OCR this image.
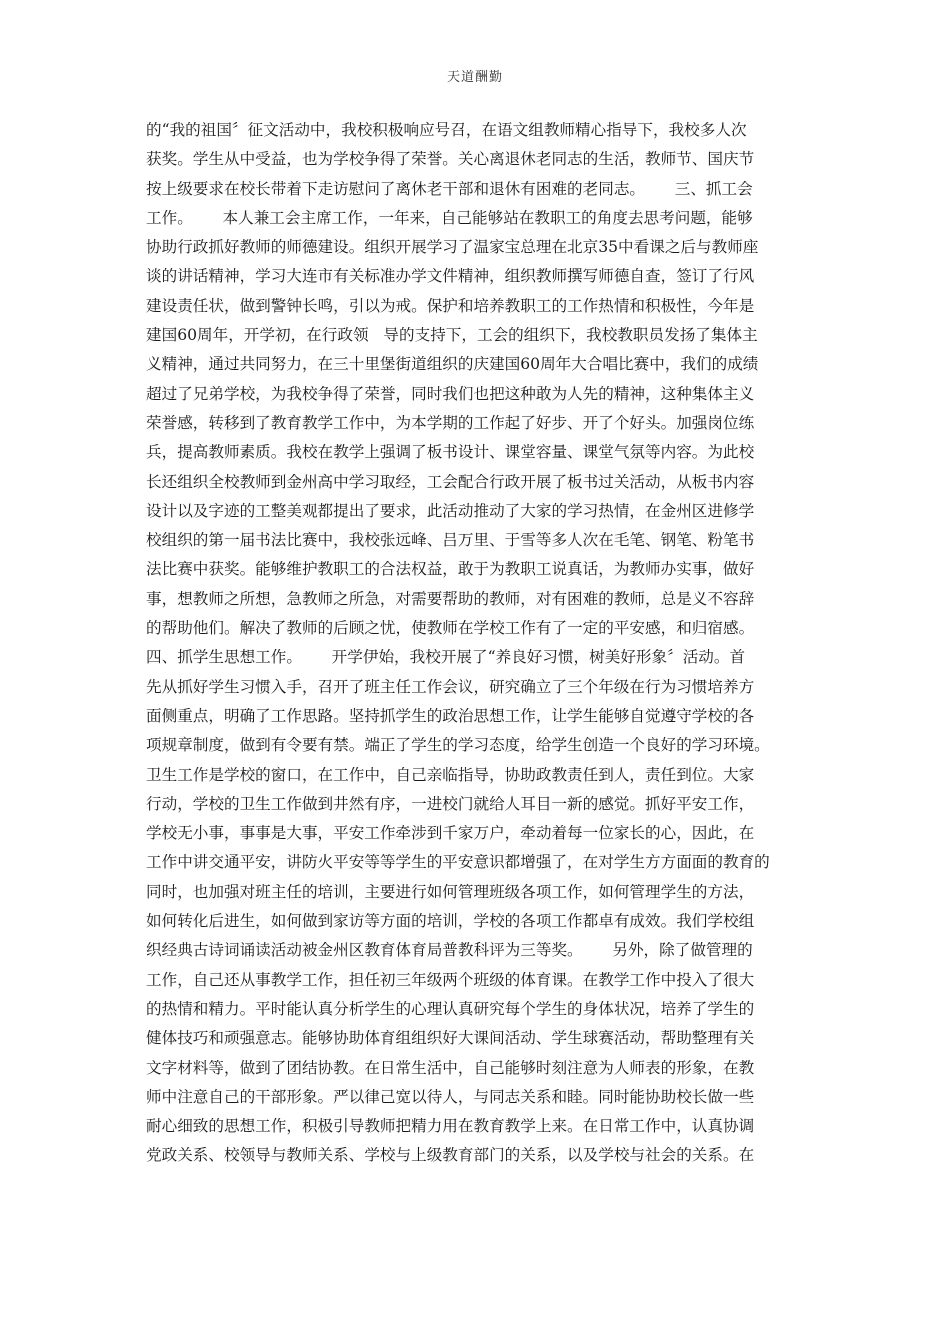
天道酬勤
的“我的祖国〞征文活动中，我校积极响应号召，在语文组教师精心指导下，我校多人次
获奖。学生从中受益，也为学校争得了荣誉。关心离退休老同志的生活，教师节、国庆节
按上级要求在校长带着下走访慰问了离休老干部和退休有困难的老同志。      三、抓工会
工作。      本人兼工会主席工作，一年来，自己能够站在教职工的角度去思考问题，能够
协助行政抓好教师的师德建设。组织开展学习了温家宝总理在北京35中看课之后与教师座
谈的讲话精神，学习大连市有关标准办学文件精神，组织教师撰写师德自查，签订了行风
建设责任状，做到警钟长鸣，引以为戒。保护和培养教职工的工作热情和积极性，今年是
建国60周年，开学初，在行政领   导的支持下，工会的组织下，我校教职员发扬了集体主
义精神，通过共同努力，在三十里堡街道组织的庆建国60周年大合唱比赛中，我们的成绩
超过了兄弟学校，为我校争得了荣誉，同时我们也把这种敢为人先的精神，这种集体主义
荣誉感，转移到了教育教学工作中，为本学期的工作起了好步、开了个好头。加强岗位练
兵，提高教师素质。我校在教学上强调了板书设计、课堂容量、课堂气氛等内容。为此校
长还组织全校教师到金州高中学习取经，工会配合行政开展了板书过关活动，从板书内容
设计以及字迹的工整美观都提出了要求，此活动推动了大家的学习热情，在金州区进修学
校组织的第一届书法比赛中，我校张远峰、吕万里、于雪等多人次在毛笔、钢笔、粉笔书
法比赛中获奖。能够维护教职工的合法权益，敢于为教职工说真话，为教师办实事，做好
事，想教师之所想，急教师之所急，对需要帮助的教师，对有困难的教师，总是义不容辞
的帮助他们。解决了教师的后顾之忧，使教师在学校工作有了一定的平安感，和归宿感。
四、抓学生思想工作。      开学伊始，我校开展了“养良好习惯，树美好形象〞活动。首
先从抓好学生习惯入手，召开了班主任工作会议，研究确立了三个年级在行为习惯培养方
面侧重点，明确了工作思路。坚持抓学生的政治思想工作，让学生能够自觉遵守学校的各
项规章制度，做到有令要有禁。端正了学生的学习态度，给学生创造一个良好的学习环境。
卫生工作是学校的窗口，在工作中，自己亲临指导，协助政教责任到人，责任到位。大家
行动，学校的卫生工作做到井然有序，一进校门就给人耳目一新的感觉。抓好平安工作，
学校无小事，事事是大事，平安工作牵涉到千家万户，牵动着每一位家长的心，因此，在
工作中讲交通平安，讲防火平安等等学生的平安意识都增强了，在对学生方方面面的教育的
同时，也加强对班主任的培训，主要进行如何管理班级各项工作，如何管理学生的方法，
如何转化后进生，如何做到家访等方面的培训，学校的各项工作都卓有成效。我们学校组
织经典古诗词诵读活动被金州区教育体育局普教科评为三等奖。      另外，除了做管理的
工作，自己还从事教学工作，担任初三年级两个班级的体育课。在教学工作中投入了很大
的热情和精力。平时能认真分析学生的心理认真研究每个学生的身体状况，培养了学生的
健体技巧和顽强意志。能够协助体育组组织好大课间活动、学生球赛活动，帮助整理有关
文字材料等，做到了团结协教。在日常生活中，自己能够时刻注意为人师表的形象，在教
师中注意自己的干部形象。严以律己宽以待人，与同志关系和睦。同时能协助校长做一些
耐心细致的思想工作，积极引导教师把精力用在教育教学上来。在日常工作中，认真协调
党政关系、校领导与教师关系、学校与上级教育部门的关系，以及学校与社会的关系。在
